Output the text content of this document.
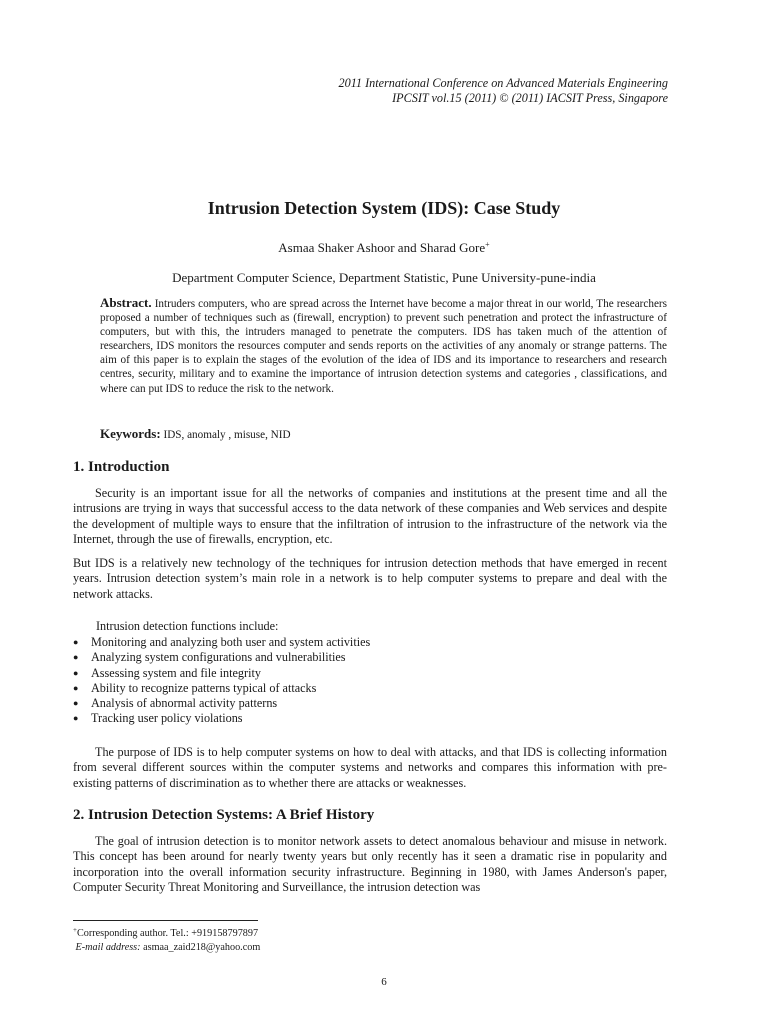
2011 International Conference on Advanced Materials Engineering
IPCSIT vol.15 (2011) © (2011) IACSIT Press, Singapore
Intrusion Detection System (IDS): Case Study
Asmaa Shaker Ashoor and Sharad Gore+
Department Computer Science, Department Statistic, Pune University-pune-india
Abstract. Intruders computers, who are spread across the Internet have become a major threat in our world, The researchers proposed a number of techniques such as (firewall, encryption) to prevent such penetration and protect the infrastructure of computers, but with this, the intruders managed to penetrate the computers. IDS has taken much of the attention of researchers, IDS monitors the resources computer and sends reports on the activities of any anomaly or strange patterns. The aim of this paper is to explain the stages of the evolution of the idea of IDS and its importance to researchers and research centres, security, military and to examine the importance of intrusion detection systems and categories , classifications, and where can put IDS to reduce the risk to the network.
Keywords: IDS, anomaly , misuse, NID
1. Introduction
Security is an important issue for all the networks of companies and institutions at the present time and all the intrusions are trying in ways that successful access to the data network of these companies and Web services and despite the development of multiple ways to ensure that the infiltration of intrusion to the infrastructure of the network via the Internet, through the use of firewalls, encryption, etc.
But IDS is a relatively new technology of the techniques for intrusion detection methods that have emerged in recent years. Intrusion detection system’s main role in a network is to help computer systems to prepare and deal with the network attacks.
Intrusion detection functions include:
● Monitoring and analyzing both user and system activities
● Analyzing system configurations and vulnerabilities
● Assessing system and file integrity
● Ability to recognize patterns typical of attacks
● Analysis of abnormal activity patterns
● Tracking user policy violations
The purpose of IDS is to help computer systems on how to deal with attacks, and that IDS is collecting information from several different sources within the computer systems and networks and compares this information with pre-existing patterns of discrimination as to whether there are attacks or weaknesses.
2. Intrusion Detection Systems: A Brief History
The goal of intrusion detection is to monitor network assets to detect anomalous behaviour and misuse in network. This concept has been around for nearly twenty years but only recently has it seen a dramatic rise in popularity and incorporation into the overall information security infrastructure. Beginning in 1980, with James Anderson's paper, Computer Security Threat Monitoring and Surveillance, the intrusion detection was
+Corresponding author. Tel.: +919158797897
E-mail address: asmaa_zaid218@yahoo.com
6
